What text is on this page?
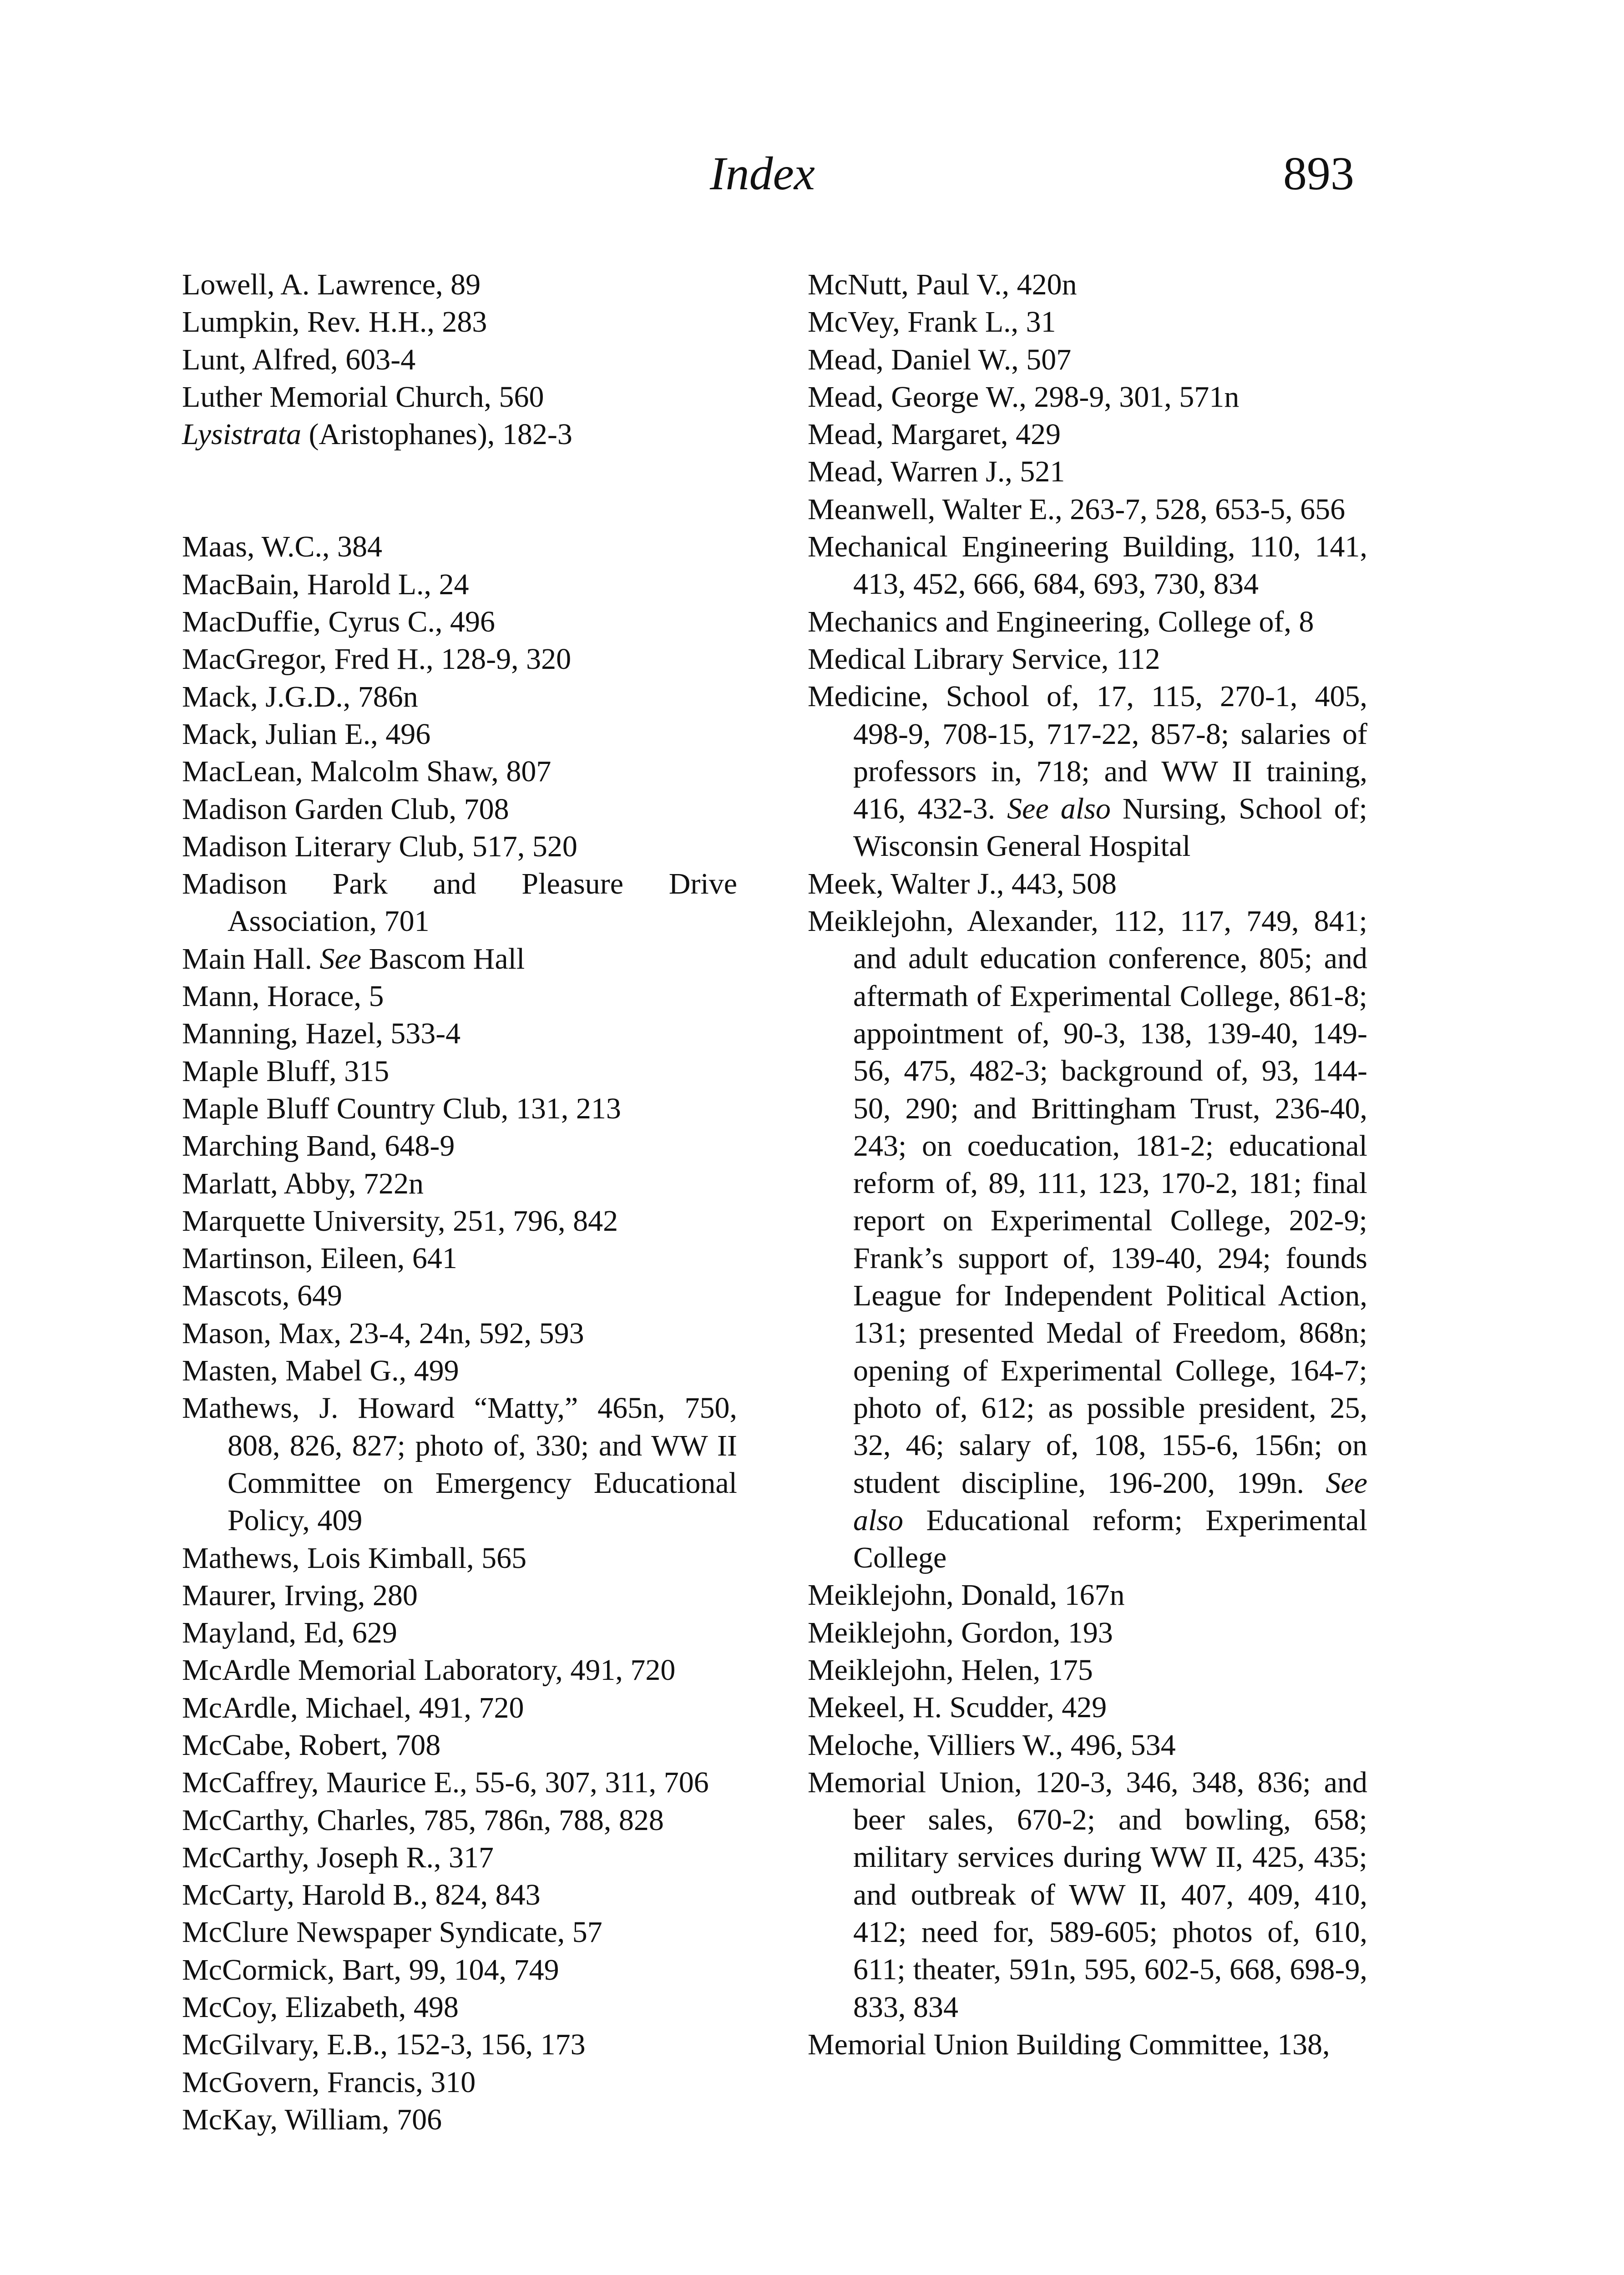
Index	893

Lowell, A. Lawrence, 89

Lumpkin, Rev. H.H., 283

Lunt, Alfred, 603-4

Luther Memorial Church, 560

Lysistrata (Aristophanes), 182-3

Maas, W.C., 384

MacBain, Harold L., 24

MacDuffie, Cyrus C., 496

MacGregor, Fred H., 128-9, 320

Mack, J.G.D., 786n

Mack, Julian E., 496

MacLean, Malcolm Shaw, 807

Madison Garden Club, 708

Madison Literary Club, 517, 520

Madison Park and Pleasure Drive Association, 701

Main Hall. See Bascom Hall

Mann, Horace, 5

Manning, Hazel, 533-4

Maple Bluff, 315

Maple Bluff Country Club, 131, 213

Marching Band, 648-9

Marlatt, Abby, 722n

Marquette University, 251, 796, 842

Martinson, Eileen, 641

Mascots, 649

Mason, Max, 23-4, 24n, 592, 593

Masten, Mabel G., 499

Mathews, J. Howard “Matty,” 465n, 750, 808, 826, 827; photo of, 330; and WW II Committee on Emergency Educational Policy, 409

Mathews, Lois Kimball, 565

Maurer, Irving, 280

Mayland, Ed, 629

McArdle Memorial Laboratory, 491, 720

McArdle, Michael, 491, 720

McCabe, Robert, 708

McCaffrey, Maurice E., 55-6, 307, 311, 706

McCarthy, Charles, 785, 786n, 788, 828

McCarthy, Joseph R., 317

McCarty, Harold B., 824, 843

McClure Newspaper Syndicate, 57

McCormick, Bart, 99, 104, 749

McCoy, Elizabeth, 498

McGilvary, E.B., 152-3, 156, 173

McGovern, Francis, 310

McKay, William, 706

McNutt, Paul V., 420n

McVey, Frank L., 31

Mead, Daniel W., 507

Mead, George W., 298-9, 301, 571n

Mead, Margaret, 429

Mead, Warren J., 521

Meanwell, Walter E., 263-7, 528, 653-5, 656

Mechanical Engineering Building, 110, 141, 413, 452, 666, 684, 693, 730, 834

Mechanics and Engineering, College of, 8

Medical Library Service, 112

Medicine, School of, 17, 115, 270-1, 405, 498-9, 708-15, 717-22, 857-8; salaries of professors in, 718; and WW II training, 416, 432-3. See also Nursing, School of; Wisconsin General Hospital

Meek, Walter J., 443, 508

Meiklejohn, Alexander, 112, 117, 749, 841; and adult education conference, 805; and aftermath of Experimental College, 861-8; appointment of, 90-3, 138, 139-40, 149-56, 475, 482-3; background of, 93, 144-50, 290; and Brittingham Trust, 236-40, 243; on coeducation, 181-2; educational reform of, 89, 111, 123, 170-2, 181; final report on Experimental College, 202-9; Frank’s support of, 139-40, 294; founds League for Independent Political Action, 131; presented Medal of Freedom, 868n; opening of Experimental College, 164-7; photo of, 612; as possible president, 25, 32, 46; salary of, 108, 155-6, 156n; on student discipline, 196-200, 199n. See also Educational reform; Experimental College

Meiklejohn, Donald, 167n

Meiklejohn, Gordon, 193

Meiklejohn, Helen, 175

Mekeel, H. Scudder, 429

Meloche, Villiers W., 496, 534

Memorial Union, 120-3, 346, 348, 836; and beer sales, 670-2; and bowling, 658; military services during WW II, 425, 435; and outbreak of WW II, 407, 409, 410, 412; need for, 589-605; photos of, 610, 611; theater, 591n, 595, 602-5, 668, 698-9, 833, 834

Memorial Union Building Committee, 138,
